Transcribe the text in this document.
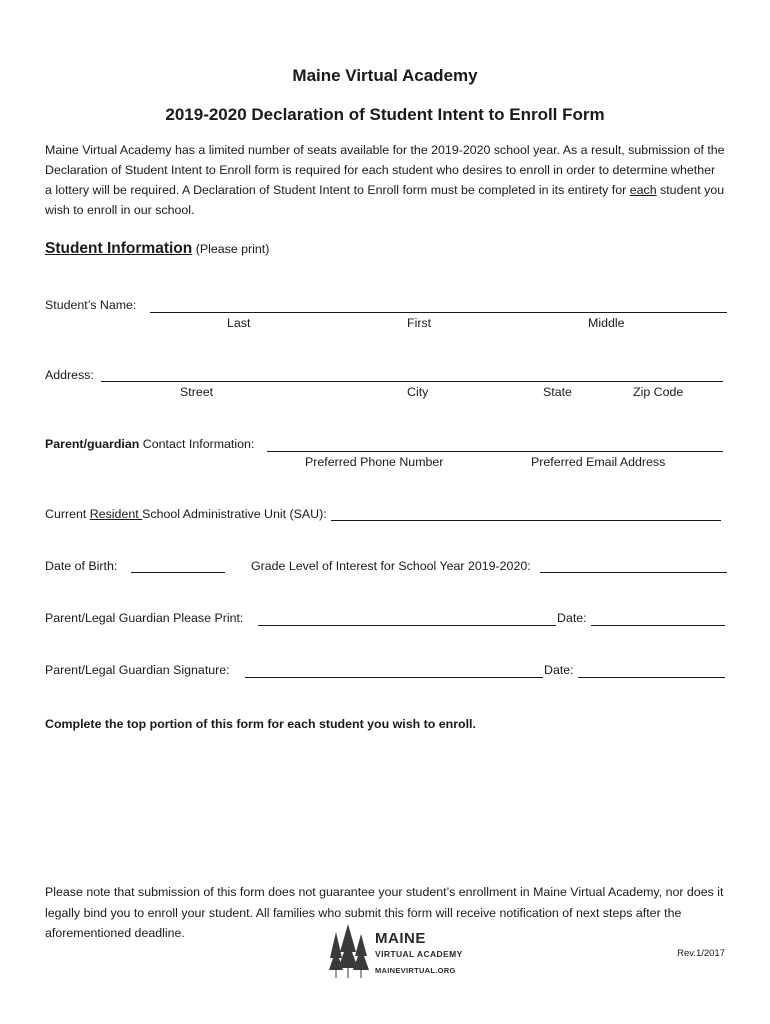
Maine Virtual Academy
2019-2020 Declaration of Student Intent to Enroll Form
Maine Virtual Academy has a limited number of seats available for the 2019-2020 school year. As a result, submission of the Declaration of Student Intent to Enroll form is required for each student who desires to enroll in order to determine whether a lottery will be required. A Declaration of Student Intent to Enroll form must be completed in its entirety for each student you wish to enroll in our school.
Student Information (Please print)
Student’s Name:
Last	First	Middle
Address:
Street	City	State	Zip Code
Parent/guardian Contact Information:
Preferred Phone Number	Preferred Email Address
Current Resident School Administrative Unit (SAU):
Date of Birth:	Grade Level of Interest for School Year 2019-2020:
Parent/Legal Guardian Please Print:	Date:
Parent/Legal Guardian Signature:	Date:
Complete the top portion of this form for each student you wish to enroll.
Please note that submission of this form does not guarantee your student’s enrollment in Maine Virtual Academy, nor does it legally bind you to enroll your student. All families who submit this form will receive notification of next steps after the aforementioned deadline.	MAINE
VIRTUAL ACADEMY
MAINEVIRTUAL.ORG
Rev.1/2017
